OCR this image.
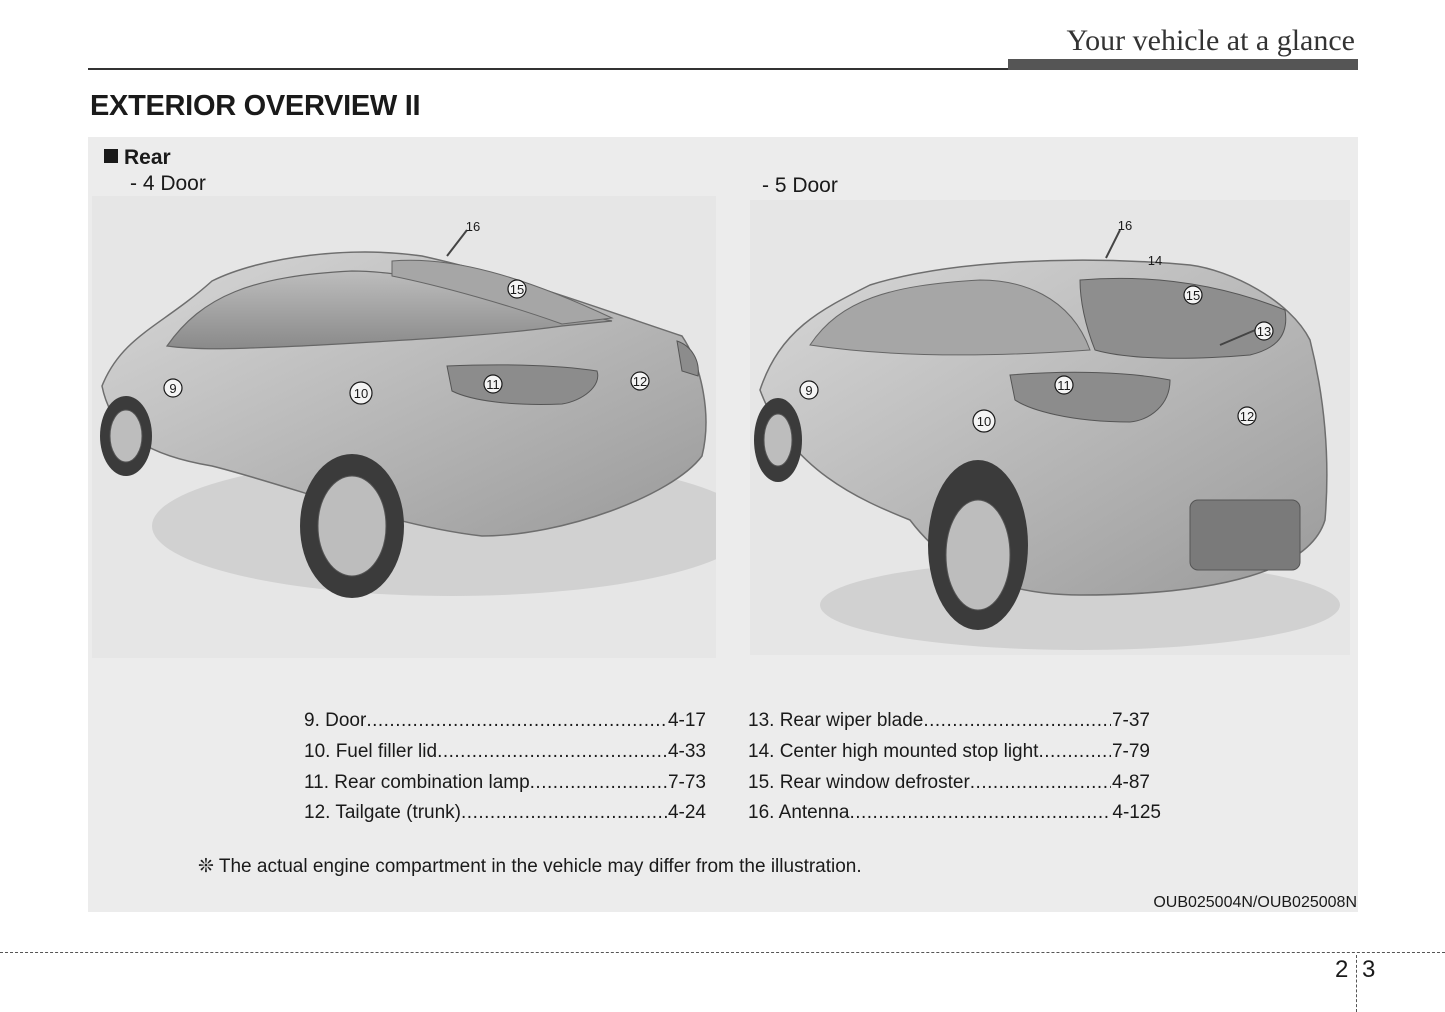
Your vehicle at a glance
EXTERIOR OVERVIEW II
Rear
- 4 Door	- 5 Door
16
15
9	11	12
10
16
14
15
13
9	11
10	12
9. Door .....	4-17
10. Fuel filler lid .....	4-33
11. Rear combination lamp .....	7-73
12. Tailgate (trunk) .....	4-24
13. Rear wiper blade .....	7-37
14. Center high mounted stop light .....	7-79
15. Rear window defroster .....	4-87
16. Antenna .....	4-125
❊ The actual engine compartment in the vehicle may differ from the illustration.
OUB025004N/OUB025008N
2 3
